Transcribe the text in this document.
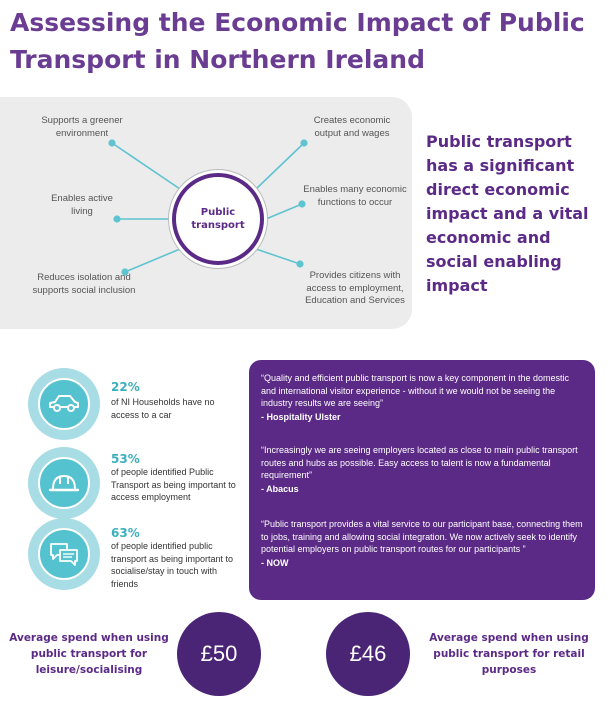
Assessing the Economic Impact of Public Transport in Northern Ireland
Public transport
Supports a greener environment
Enables active living
Reduces isolation and supports social inclusion
Creates economic output and wages
Enables many economic functions to occur
Provides citizens with access to employment, Education and Services
Public transport has a significant direct economic impact and a vital economic and social enabling impact
22%
of NI Households have no access to a car
53%
of people identified Public Transport as being important to access employment
63%
of people identified public transport as being important to socialise/stay in touch with friends
“Quality and efficient public transport is now a key component in the domestic and international visitor experience - without it we would not be seeing the industry results we are seeing”
- Hospitality Ulster
“Increasingly we are seeing employers located as close to main public transport routes and hubs as possible. Easy access to talent is now a fundamental requirement”
- Abacus
“Public transport provides a vital service to our participant base, connecting them to jobs, training and allowing social integration. We now actively seek to identify potential employers on public transport routes for our participants ”
- NOW
Average spend when using public transport for leisure/socialising
£50	£46
Average spend when using public transport for retail purposes
